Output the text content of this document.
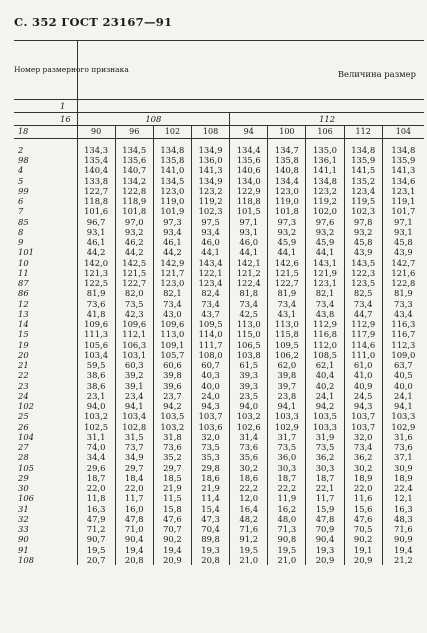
С. 352 ГОСТ 23167—91
Номер размерного признака	Величина размер								
1									
16	108				112				
18	90	96	102	108	94	100	106	112	104
2	134,3	134,5	134,8	134,9	134,4	134,7	135,0	134,8	134,8
98	135,4	135,6	135,8	136,0	135,6	135,8	136,1	135,9	135,9
4	140,4	140,7	141,0	141,3	140,6	140,8	141,1	141,5	141,3
5	133,8	134,2	134,5	134,9	134,0	134,4	134,8	135,2	134,6
99	122,7	122,8	123,0	123,2	122,9	123,0	123,2	123,4	123,1
6	118,8	118,9	119,0	119,2	118,8	119,0	119,2	119,5	119,1
7	101,6	101,8	101,9	102,3	101,5	101,8	102,0	102,3	101,7
85	96,7	97,0	97,3	97,5	97,1	97,3	97,6	97,8	97,1
8	93,1	93,2	93,4	93,4	93,1	93,2	93,2	93,2	93,1
9	46,1	46,2	46,1	46,0	46,0	45,9	45,9	45,8	45,8
101	44,2	44,2	44,2	44,1	44,1	44,1	44,1	43,9	43,9
10	142,0	142,5	142,9	143,4	142,1	142,6	143,1	143,5	142,7
11	121,3	121,5	121,7	122,1	121,2	121,5	121,9	122,3	121,6
87	122,5	122,7	123,0	123,4	122,4	122,7	123,1	123,5	122,8
86	81,9	82,0	82,1	82,4	81,8	81,9	82,1	82,5	81,9
12	73,6	73,5	73,4	73,4	73,4	73,4	73,4	73,4	73,3
13	41,8	42,3	43,0	43,7	42,5	43,1	43,8	44,7	43,4
14	109,6	109,6	109,6	109,5	113,0	113,0	112,9	112,9	116,3
15	111,3	112,1	113,0	114,0	115,0	115,8	116,8	117,9	116,7
19	105,6	106,3	109,1	111,7	106,5	109,5	112,0	114,6	112,3
20	103,4	103,1	105,7	108,0	103,8	106,2	108,5	111,0	109,0
21	59,5	60,3	60,6	60,7	61,5	62,0	62,1	61,0	63,7
22	38,6	39,2	39,8	40,3	39,3	39,8	40,4	41,0	40,5
23	38,6	39,1	39,6	40,0	39,3	39,7	40,2	40,9	40,0
24	23,1	23,4	23,7	24,0	23,5	23,8	24,1	24,5	24,1
102	94,0	94,1	94,2	94,3	94,0	94,1	94,2	94,3	94,1
25	103,2	103,4	103,5	103,7	103,2	103,3	103,5	103,7	103,3
26	102,5	102,8	103,2	103,6	102,6	102,9	103,3	103,7	102,9
104	31,1	31,5	31,8	32,0	31,4	31,7	31,9	32,0	31,6
27	74,0	73,7	73,6	73,5	73,6	73,5	73,5	73,4	73,6
28	34,4	34,9	35,2	35,3	35,6	36,0	36,2	36,2	37,1
105	29,6	29,7	29,7	29,8	30,2	30,3	30,3	30,2	30,9
29	18,7	18,4	18,5	18,6	18,6	18,7	18,7	18,9	18,9
30	22,0	22,0	21,9	21,9	22,2	22,2	22,1	22,0	22,4
106	11,8	11,7	11,5	11,4	12,0	11,9	11,7	11,6	12,1
31	16,3	16,0	15,8	15,4	16,4	16,2	15,9	15,6	16,3
32	47,9	47,8	47,6	47,3	48,2	48,0	47,8	47,6	48,3
33	71,2	71,0	70,7	70,4	71,6	71,3	70,9	70,5	71,6
90	90,7	90,4	90,2	89,8	91,2	90,8	90,4	90,2	90,9
91	19,5	19,4	19,4	19,3	19,5	19,5	19,3	19,1	19,4
108	20,7	20,8	20,9	20,8	21,0	21,0	20,9	20,9	21,2
